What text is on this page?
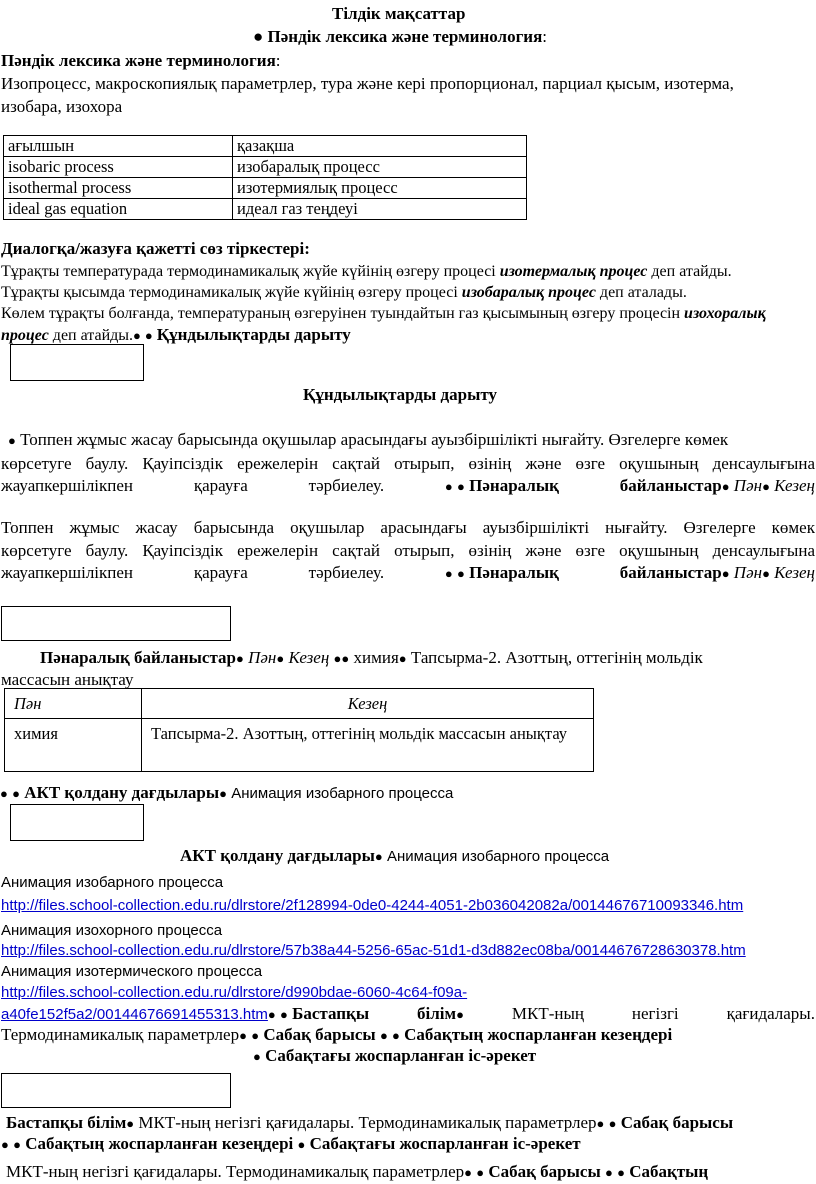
Тілдік мақсаттар
● Пәндік лексика және терминология:
Пәндік лексика және терминология:
Изопроцесс, макроскопиялық параметрлер, тура және кері пропорционал, парциал қысым, изотерма,
изобара, изохора
ағылшын	қазақша
isobaric process	изобаралық процесс
isothermal process	изотермиялық процесс
ideal gas equation	идеал газ теңдеуі
Диалогқа/жазуға қажетті сөз тіркестері:
Тұрақты температурада термодинамикалық жүйе күйінің өзгеру процесі изотермалық процес деп атайды.
Тұрақты қысымда термодинамикалық жүйе күйінің өзгеру процесі изобаралық процес деп аталады.
Көлем тұрақты болғанда, температураның өзгеруінен туындайтын газ қысымының өзгеру процесін изохоралық
процес деп атайды.● ● Құндылықтарды дарыту
Құндылықтарды дарыту
● Топпен жұмыс жасау барысында оқушылар арасындағы ауызбіршілікті нығайту. Өзгелерге көмек
көрсетуге баулу. Қауіпсіздік ережелерін сақтай отырып, өзінің және өзге оқушының денсаулығына
жауапкершілікпен	қарауға	тәрбиелеу.	● ● Пәнаралық	байланыстар● Пән● Кезең
Топпен жұмыс жасау барысында оқушылар арасындағы ауызбіршілікті нығайту. Өзгелерге көмек
көрсетуге баулу. Қауіпсіздік ережелерін сақтай отырып, өзінің және өзге оқушының денсаулығына
жауапкершілікпен	қарауға	тәрбиелеу.	● ● Пәнаралық	байланыстар● Пән● Кезең
Пәнаралық байланыстар● Пән● Кезең ●● химия● Тапсырма-2. Азоттың, оттегінің мольдік
массасын анықтау
Пән	Кезең
химия	Тапсырма-2. Азоттың, оттегінің мольдік массасын анықтау
● ● АКТ қолдану дағдылары● Анимация изобарного процесса
АКТ қолдану дағдылары● Анимация изобарного процесса
Анимация изобарного процесса
http://files.school-collection.edu.ru/dlrstore/2f128994-0de0-4244-4051-2b036042082a/00144676710093346.htm
Анимация изохорного процесса
http://files.school-collection.edu.ru/dlrstore/57b38a44-5256-65ac-51d1-d3d882ec08ba/00144676728630378.htm
Анимация изотермического процесса
http://files.school-collection.edu.ru/dlrstore/d990bdae-6060-4c64-f09a-
a40fe152f5a2/00144676691455313.htm● ● Бастапқы	білім●	МКТ-ның	негізгі	қағидалары.
Термодинамикалық параметрлер● ● Сабақ барысы ● ● Сабақтың жоспарланған кезеңдері
● Сабақтағы жоспарланған іс-әрекет
Бастапқы білім● МКТ-ның негізгі қағидалары. Термодинамикалық параметрлер● ● Сабақ барысы
● ● Сабақтың жоспарланған кезеңдері ● Сабақтағы жоспарланған іс-әрекет
МКТ-ның негізгі қағидалары. Термодинамикалық параметрлер● ● Сабақ барысы ● ● Сабақтың
